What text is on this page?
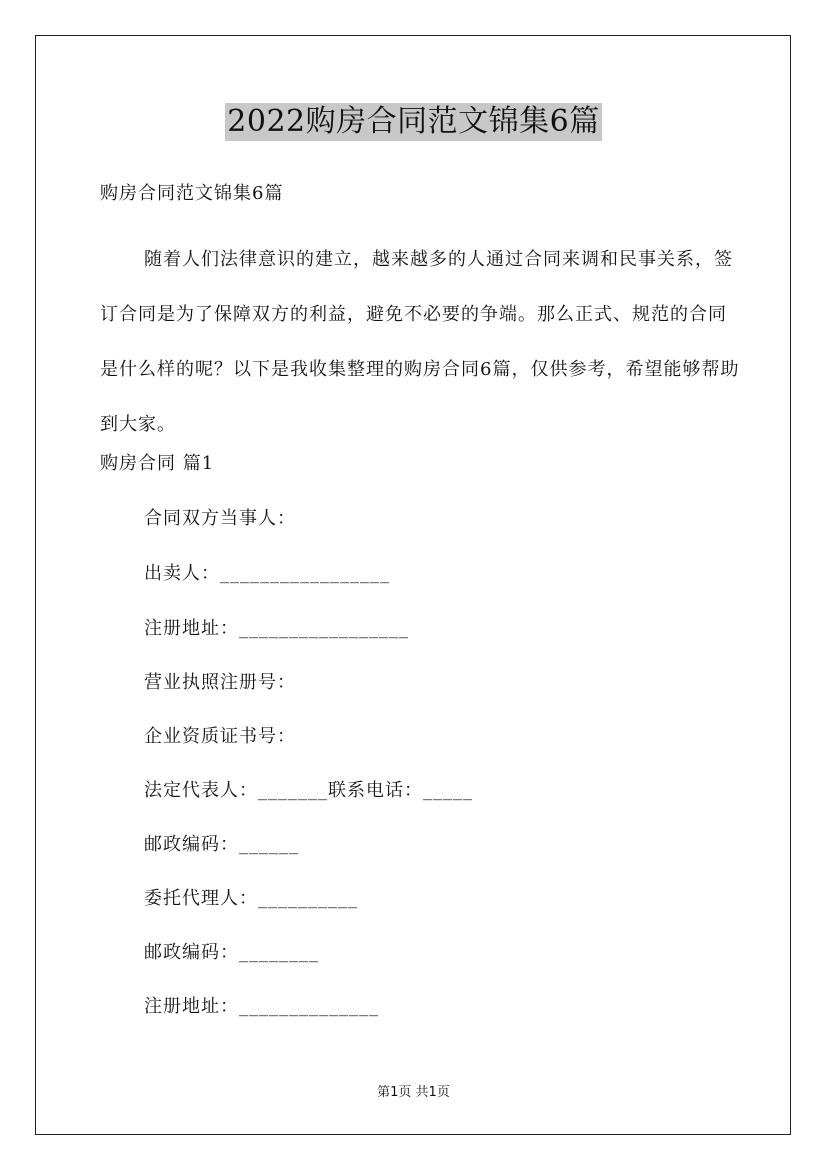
2022购房合同范文锦集6篇
购房合同范文锦集6篇
随着人们法律意识的建立，越来越多的人通过合同来调和民事关系，签订合同是为了保障双方的利益，避免不必要的争端。那么正式、规范的合同是什么样的呢？以下是我收集整理的购房合同6篇，仅供参考，希望能够帮助到大家。
购房合同 篇1
合同双方当事人：
出卖人：_________________
注册地址：_________________
营业执照注册号：
企业资质证书号：
法定代表人：_______联系电话：_____
邮政编码：______
委托代理人：__________
邮政编码：________
注册地址：______________
第1页 共1页
